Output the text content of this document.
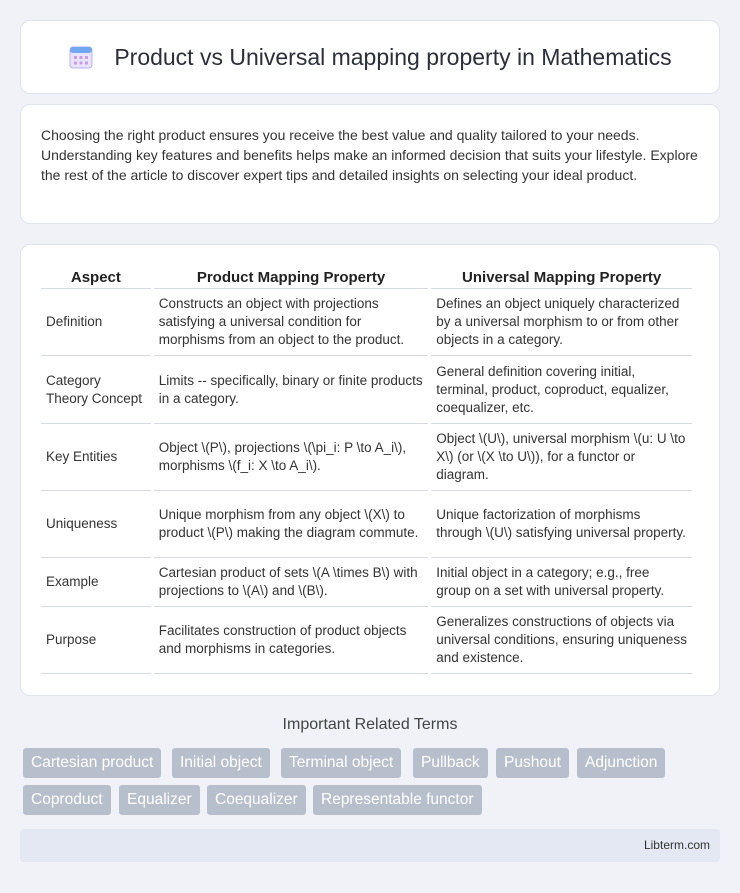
Product vs Universal mapping property in Mathematics

Choosing the right product ensures you receive the best value and quality tailored to your needs. Understanding key features and benefits helps make an informed decision that suits your lifestyle. Explore the rest of the article to discover expert tips and detailed insights on selecting your ideal product.

Aspect	Product Mapping Property	Universal Mapping Property
Definition	Constructs an object with projections satisfying a universal condition for morphisms from an object to the product.	Defines an object uniquely characterized by a universal morphism to or from other objects in a category.
Category Theory Concept	Limits -- specifically, binary or finite products in a category.	General definition covering initial, terminal, product, coproduct, equalizer, coequalizer, etc.
Key Entities	Object \(P\), projections \(\pi_i: P \to A_i\), morphisms \(f_i: X \to A_i\).	Object \(U\), universal morphism \(u: U \to X\) (or \(X \to U\)), for a functor or diagram.
Uniqueness	Unique morphism from any object \(X\) to product \(P\) making the diagram commute.	Unique factorization of morphisms through \(U\) satisfying universal property.
Example	Cartesian product of sets \(A \times B\) with projections to \(A\) and \(B\).	Initial object in a category; e.g., free group on a set with universal property.
Purpose	Facilitates construction of product objects and morphisms in categories.	Generalizes constructions of objects via universal conditions, ensuring uniqueness and existence.
Important Related Terms
Cartesian product	Initial object	Terminal object	Pullback	Pushout	Adjunction
Coproduct	Equalizer	Coequalizer	Representable functor
Libterm.com
